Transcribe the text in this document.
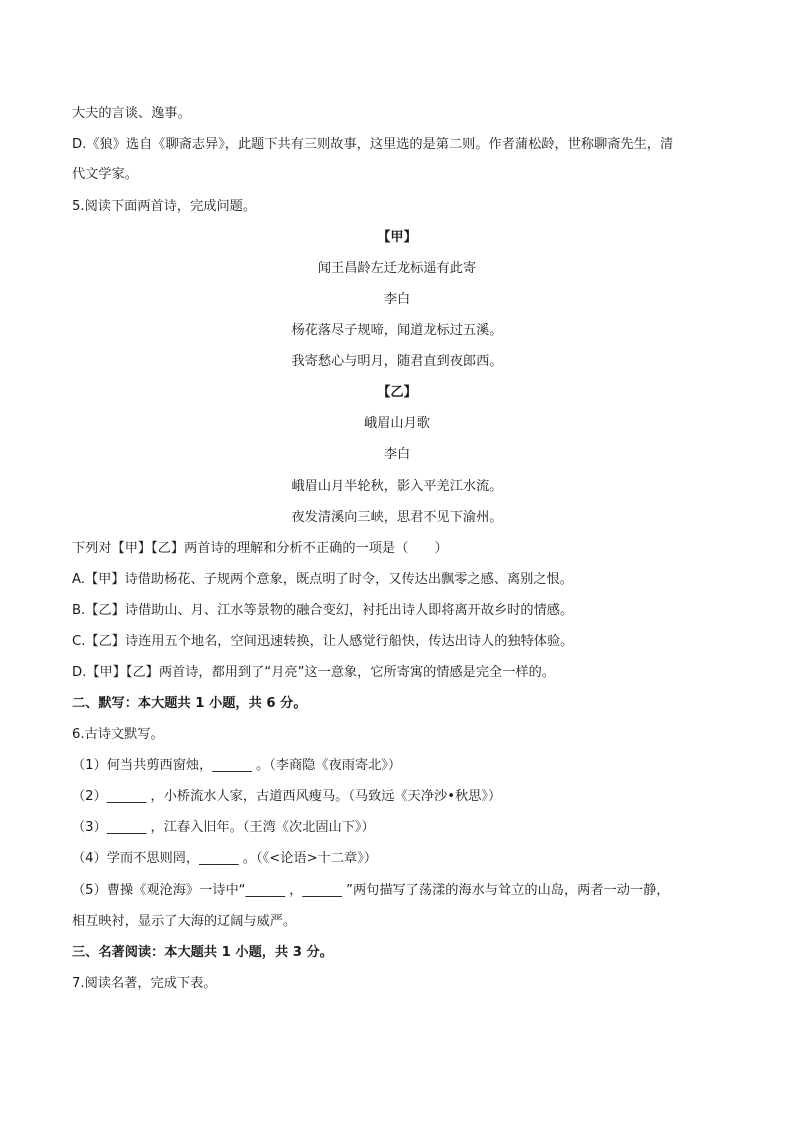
大夫的言谈、逸事。
D.《狼》选自《聊斋志异》，此题下共有三则故事，这里选的是第二则。作者蒲松龄，世称聊斋先生，清
代文学家。
5.阅读下面两首诗，完成问题。
【甲】
闻王昌龄左迁龙标遥有此寄
李白
杨花落尽子规啼，闻道龙标过五溪。
我寄愁心与明月，随君直到夜郎西。
【乙】
峨眉山月歌
李白
峨眉山月半轮秋，影入平羌江水流。
夜发清溪向三峡，思君不见下渝州。
下列对【甲】【乙】两首诗的理解和分析不正确的一项是（　　）
A.【甲】诗借助杨花、子规两个意象，既点明了时令，又传达出飘零之感、离别之恨。
B.【乙】诗借助山、月、江水等景物的融合变幻，衬托出诗人即将离开故乡时的情感。
C.【乙】诗连用五个地名，空间迅速转换，让人感觉行船快，传达出诗人的独特体验。
D.【甲】【乙】两首诗，都用到了“月亮”这一意象，它所寄寓的情感是完全一样的。
二、默写：本大题共 1 小题，共 6 分。
6.古诗文默写。
（1）何当共剪西窗烛，______ 。（李商隐《夜雨寄北》）
（2）______ ，小桥流水人家，古道西风瘦马。（马致远《天净沙•秋思》）
（3）______ ，江春入旧年。（王湾《次北固山下》）
（4）学而不思则罔，______ 。（《<论语>十二章》）
（5）曹操《观沧海》一诗中“______ ，______ ”两句描写了荡漾的海水与耸立的山岛，两者一动一静，
相互映衬，显示了大海的辽阔与威严。
三、名著阅读：本大题共 1 小题，共 3 分。
7.阅读名著，完成下表。
